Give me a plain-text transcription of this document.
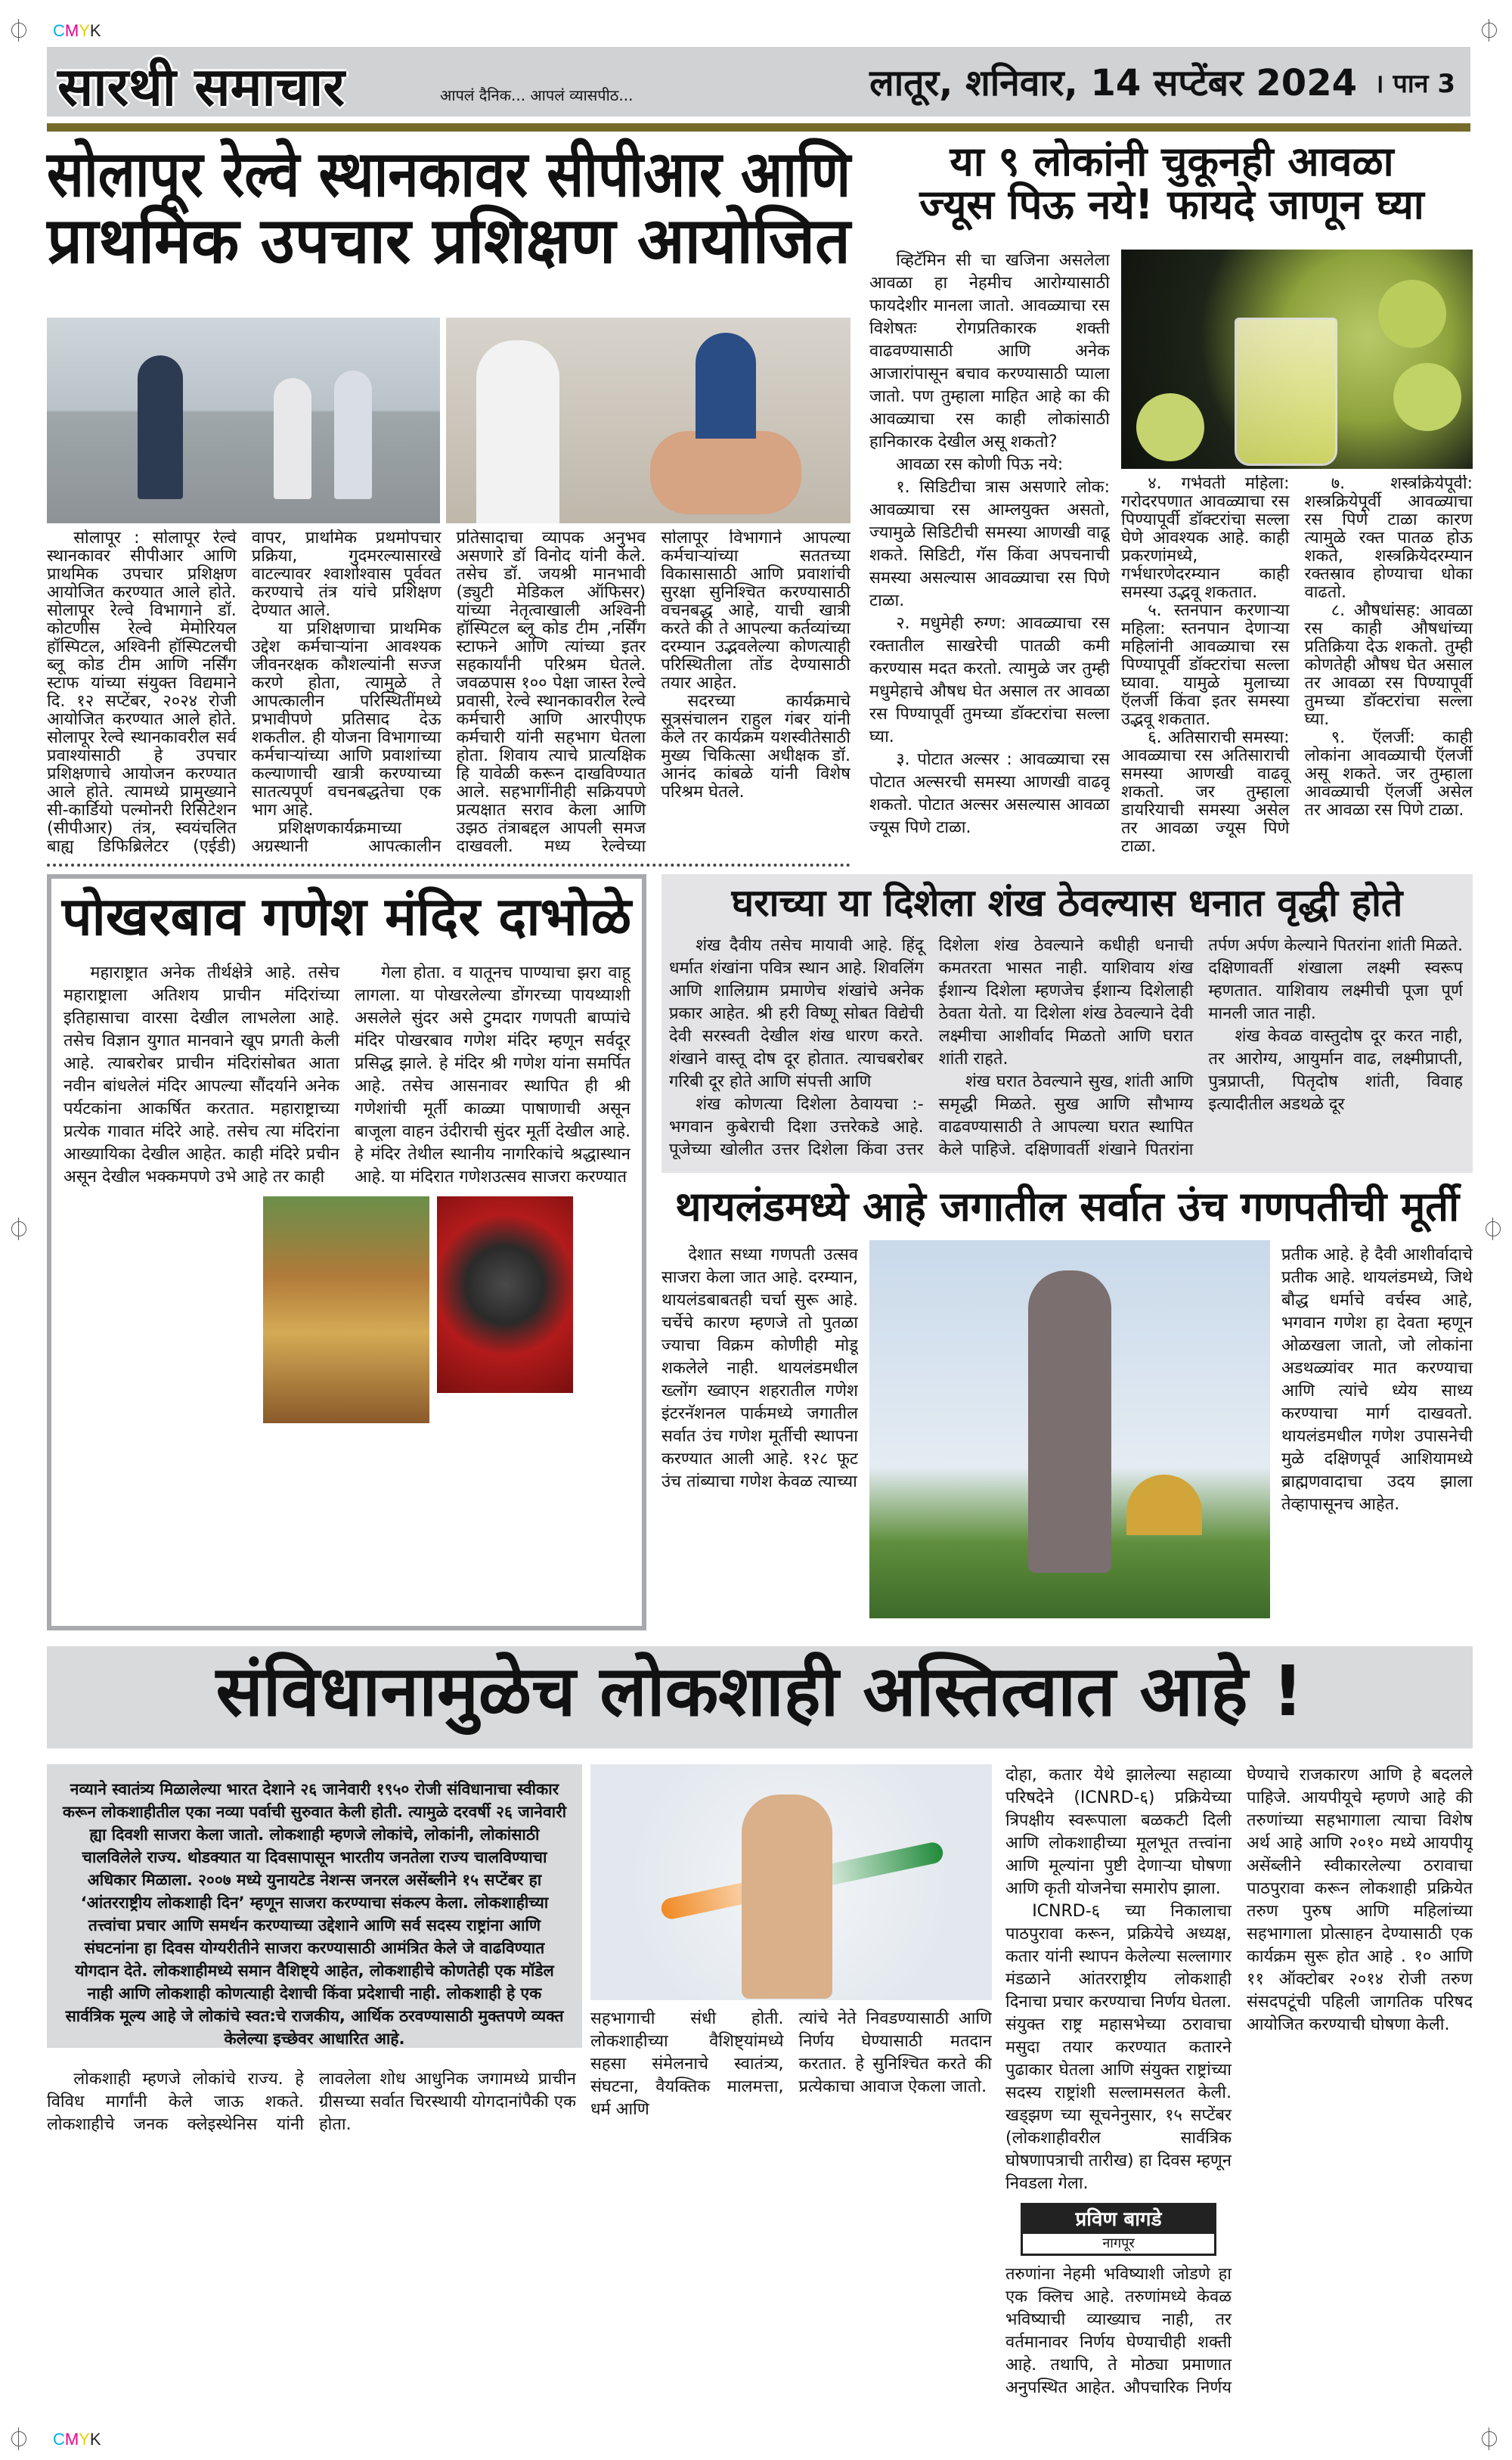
CMYK
CMYK
सारथी समाचार	आपलं दैनिक... आपलं व्यासपीठ...	लातूर, शनिवार, 14 सप्टेंबर 2024 । पान 3
सोलापूर रेल्वे स्थानकावर सीपीआर आणि
प्राथमिक उपचार प्रशिक्षण आयोजित

सोलापूर : सोलापूर रेल्वे स्थानकावर सीपीआर आणि प्राथमिक उपचार प्रशिक्षण आयोजित करण्यात आले होते. सोलापूर रेल्वे विभागाने डॉ. कोटणीस रेल्वे मेमोरियल हॉस्पिटल, अश्विनी हॉस्पिटलची ब्लू कोड टीम आणि नर्सिंग स्टाफ यांच्या संयुक्त विद्यमाने दि. १२ सप्टेंबर, २०२४ रोजी आयोजित करण्यात आले होते. सोलापूर रेल्वे स्थानकावरील सर्व प्रवाश्यांसाठी हे उपचार प्रशिक्षणाचे आयोजन करण्यात आले होते. त्यामध्ये प्रामुख्याने सी-कार्डियो पल्मोनरी रिसिटेशन (सीपीआर) तंत्र, स्वयंचलित बाह्य डिफिब्रिलेटर (एईडी) वापर, प्राथमिक प्रथमोपचार प्रक्रिया, गुदमरल्यासारखे वाटल्यावर श्वाशोश्वास पूर्ववत करण्याचे तंत्र यांचे प्रशिक्षण देण्यात आले.

या प्रशिक्षणाचा प्राथमिक उद्देश कर्मचाऱ्यांना आवश्यक जीवनरक्षक कौशल्यांनी सज्ज करणे होता, त्यामुळे ते आपत्कालीन परिस्थितींमध्ये प्रभावीपणे प्रतिसाद देऊ शकतील. ही योजना विभागाच्या कर्मचाऱ्यांच्या आणि प्रवाशांच्या कल्याणाची खात्री करण्याच्या सातत्यपूर्ण वचनबद्धतेचा एक भाग आहे.

प्रशिक्षणकार्यक्रमाच्या अग्रस्थानी आपत्कालीन प्रतिसादाचा व्यापक अनुभव असणारे डॉ विनोद यांनी केले. तसेच डॉ. जयश्री मानभावी (ड्युटी मेडिकल ऑफिसर) यांच्या नेतृत्वाखाली अश्विनी हॉस्पिटल ब्लू कोड टीम ,नर्सिंग स्टाफने आणि त्यांच्या इतर सहकार्यांनी परिश्रम घेतले. जवळपास १०० पेक्षा जास्त रेल्वे प्रवासी, रेल्वे स्थानकावरील रेल्वे कर्मचारी आणि आरपीएफ कर्मचारी यांनी सहभाग घेतला होता. शिवाय त्याचे प्रात्यक्षिक हि यावेळी करून दाखविण्यात आले. सहभागींनीही सक्रियपणे प्रत्यक्षात सराव केला आणि उझठ तंत्राबद्दल आपली समज दाखवली. मध्य रेल्वेच्या सोलापूर विभागाने आपल्या कर्मचाऱ्यांच्या सततच्या विकासासाठी आणि प्रवाशांची सुरक्षा सुनिश्चित करण्यासाठी वचनबद्ध आहे, याची खात्री करते की ते आपल्या कर्तव्यांच्या दरम्यान उद्भवलेल्या कोणत्याही परिस्थितीला तोंड देण्यासाठी तयार आहेत.

सदरच्या कार्यक्रमाचे सूत्रसंचालन राहुल गंबर यांनी केले तर कार्यक्रम यशस्वीतेसाठी मुख्य चिकित्सा अधीक्षक डॉ. आनंद कांबळे यांनी विशेष परिश्रम घेतले.

या ९ लोकांनी चुकूनही आवळा
ज्यूस पिऊ नये! फायदे जाणून घ्या

व्हिटॅमिन सी चा खजिना असलेला आवळा हा नेहमीच आरोग्यासाठी फायदेशीर मानला जातो. आवळ्याचा रस विशेषतः रोगप्रतिकारक शक्ती वाढवण्यासाठी आणि अनेक आजारांपासून बचाव करण्यासाठी प्याला जातो. पण तुम्हाला माहित आहे का की आवळ्याचा रस काही लोकांसाठी हानिकारक देखील असू शकतो?

आवळा रस कोणी पिऊ नये:

१. सिडिटीचा त्रास असणारे लोक: आवळ्याचा रस आम्लयुक्त असतो, ज्यामुळे सिडिटीची समस्या आणखी वाढू शकते. सिडिटी, गॅस किंवा अपचनाची समस्या असल्यास आवळ्याचा रस पिणे टाळा.

२. मधुमेही रुग्ण: आवळ्याचा रस रक्तातील साखरेची पातळी कमी करण्यास मदत करतो. त्यामुळे जर तुम्ही मधुमेहाचे औषध घेत असाल तर आवळा रस पिण्यापूर्वी तुमच्या डॉक्टरांचा सल्ला घ्या.

३. पोटात अल्सर : आवळ्याचा रस पोटात अल्सरची समस्या आणखी वाढवू शकतो. पोटात अल्सर असल्यास आवळा ज्यूस पिणे टाळा.

४. गर्भवती महिला: गरोदरपणात आवळ्याचा रस पिण्यापूर्वी डॉक्टरांचा सल्ला घेणे आवश्यक आहे. काही प्रकरणांमध्ये, गर्भधारणेदरम्यान काही समस्या उद्भवू शकतात.

५. स्तनपान करणाऱ्या महिला: स्तनपान देणाऱ्या महिलांनी आवळ्याचा रस पिण्यापूर्वी डॉक्टरांचा सल्ला घ्यावा. यामुळे मुलाच्या ऍलर्जी किंवा इतर समस्या उद्भवू शकतात.

६. अतिसाराची समस्या: आवळ्याचा रस अतिसाराची समस्या आणखी वाढवू शकतो. जर तुम्हाला डायरियाची समस्या असेल तर आवळा ज्यूस पिणे टाळा.

७. शस्त्रक्रियेपूर्वी: शस्त्रक्रियेपूर्वी आवळ्याचा रस पिणे टाळा कारण त्यामुळे रक्त पातळ होऊ शकते, शस्त्रक्रियेदरम्यान रक्तस्राव होण्याचा धोका वाढतो.

८. औषधांसह: आवळा रस काही औषधांच्या प्रतिक्रिया देऊ शकतो. तुम्ही कोणतेही औषध घेत असाल तर आवळा रस पिण्यापूर्वी तुमच्या डॉक्टरांचा सल्ला घ्या.

९. ऍलर्जी: काही लोकांना आवळ्याची ऍलर्जी असू शकते. जर तुम्हाला आवळ्याची ऍलर्जी असेल तर आवळा रस पिणे टाळा.

पोखरबाव गणेश मंदिर दाभोळे

महाराष्ट्रात अनेक तीर्थक्षेत्रे आहे. तसेच महाराष्ट्राला अतिशय प्राचीन मंदिरांच्या इतिहासाचा वारसा देखील लाभलेला आहे. तसेच विज्ञान युगात मानवाने खूप प्रगती केली आहे. त्याबरोबर प्राचीन मंदिरांसोबत आता नवीन बांधलेलं मंदिर आपल्या सौंदर्याने अनेक पर्यटकांना आकर्षित करतात. महाराष्ट्राच्या प्रत्येक गावात मंदिरे आहे. तसेच त्या मंदिरांना आख्यायिका देखील आहेत. काही मंदिरे प्रचीन असून देखील भक्कमपणे उभे आहे तर काही

गेला होता. व यातूनच पाण्याचा झरा वाहू लागला. या पोखरलेल्या डोंगरच्या पायथ्याशी असलेले सुंदर असे टुमदार गणपती बाप्पांचे मंदिर पोखरबाव गणेश मंदिर म्हणून सर्वदूर प्रसिद्ध झाले. हे मंदिर श्री गणेश यांना समर्पित आहे. तसेच आसनावर स्थापित ही श्री गणेशांची मूर्ती काळ्या पाषाणाची असून बाजूला वाहन उंदीराची सुंदर मूर्ती देखील आहे. हे मंदिर तेथील स्थानीय नागरिकांचे श्रद्धास्थान आहे. या मंदिरात गणेशउत्सव साजरा करण्यात

घराच्या या दिशेला शंख ठेवल्यास धनात वृद्धी होते

शंख दैवीय तसेच मायावी आहे. हिंदू धर्मात शंखांना पवित्र स्थान आहे. शिवलिंग आणि शालिग्राम प्रमाणेच शंखांचे अनेक प्रकार आहेत. श्री हरी विष्णू सोबत विद्येची देवी सरस्वती देखील शंख धारण करते. शंखाने वास्तू दोष दूर होतात. त्याचबरोबर गरिबी दूर होते आणि संपत्ती आणि

शंख कोणत्या दिशेला ठेवायचा :- भगवान कुबेराची दिशा उत्तरेकडे आहे. पूजेच्या खोलीत उत्तर दिशेला किंवा उत्तर दिशेला शंख ठेवल्याने कधीही धनाची कमतरता भासत नाही. याशिवाय शंख ईशान्य दिशेला म्हणजेच ईशान्य दिशेलाही ठेवता येतो. या दिशेला शंख ठेवल्याने देवी लक्ष्मीचा आशीर्वाद मिळतो आणि घरात शांती राहते.

शंख घरात ठेवल्याने सुख, शांती आणि समृद्धी मिळते. सुख आणि सौभाग्य वाढवण्यासाठी ते आपल्या घरात स्थापित केले पाहिजे. दक्षिणावर्ती शंखाने पितरांना तर्पण अर्पण केल्याने पितरांना शांती मिळते. दक्षिणावर्ती शंखाला लक्ष्मी स्वरूप म्हणतात. याशिवाय लक्ष्मीची पूजा पूर्ण मानली जात नाही.

शंख केवळ वास्तुदोष दूर करत नाही, तर आरोग्य, आयुर्मान वाढ, लक्ष्मीप्राप्ती, पुत्रप्राप्ती, पितृदोष शांती, विवाह इत्यादीतील अडथळे दूर

थायलंडमध्ये आहे जगातील सर्वात उंच गणपतीची मूर्ती

देशात सध्या गणपती उत्सव साजरा केला जात आहे. दरम्यान, थायलंडबाबतही चर्चा सुरू आहे. चर्चेचे कारण म्हणजे तो पुतळा ज्याचा विक्रम कोणीही मोडू शकलेले नाही. थायलंडमधील ख्लोंग ख्वाएन शहरातील गणेश इंटरनॅशनल पार्कमध्ये जगातील सर्वात उंच गणेश मूर्तीची स्थापना करण्यात आली आहे. १२८ फूट उंच तांब्याचा गणेश केवळ त्याच्या

प्रतीक आहे. हे दैवी आशीर्वादाचे प्रतीक आहे. थायलंडमध्ये, जिथे बौद्ध धर्माचे वर्चस्व आहे, भगवान गणेश हा देवता म्हणून ओळखला जातो, जो लोकांना अडथळ्यांवर मात करण्याचा आणि त्यांचे ध्येय साध्य करण्याचा मार्ग दाखवतो. थायलंडमधील गणेश उपासनेची मुळे दक्षिणपूर्व आशियामध्ये ब्राह्मणवादाचा उदय झाला तेव्हापासूनच आहेत.

संविधानामुळेच लोकशाही अस्तित्वात आहे !
नव्याने स्वातंत्र्य मिळालेल्या भारत देशाने २६ जानेवारी १९५० रोजी संविधानाचा स्वीकार करून लोकशाहीतील एका नव्या पर्वाची सुरुवात केली होती. त्यामुळे दरवर्षी २६ जानेवारी ह्या दिवशी साजरा केला जातो. लोकशाही म्हणजे लोकांचे, लोकांनी, लोकांसाठी चालविलेले राज्य. थोडक्यात या दिवसापासून भारतीय जनतेला राज्य चालविण्याचा अधिकार मिळाला. २००७ मध्ये युनायटेड नेशन्स जनरल असेंब्लीने १५ सप्टेंबर हा ‘आंतरराष्ट्रीय लोकशाही दिन’ म्हणून साजरा करण्याचा संकल्प केला. लोकशाहीच्या तत्त्वांचा प्रचार आणि समर्थन करण्याच्या उद्देशाने आणि सर्व सदस्य राष्ट्रांना आणि संघटनांना हा दिवस योग्यरीतीने साजरा करण्यासाठी आमंत्रित केले जे वाढविण्यात योगदान देते. लोकशाहीमध्ये समान वैशिष्ट्ये आहेत, लोकशाहीचे कोणतेही एक मॉडेल नाही आणि लोकशाही कोणत्याही देशाची किंवा प्रदेशाची नाही. लोकशाही हे एक सार्वत्रिक मूल्य आहे जे लोकांचे स्वत:चे राजकीय, आर्थिक ठरवण्यासाठी मुक्तपणे व्यक्त केलेल्या इच्छेवर आधारित आहे.

लोकशाही म्हणजे लोकांचे राज्य. हे विविध मार्गांनी केले जाऊ शकते. लोकशाहीचे जनक क्लेइस्थेनिस यांनी लावलेला शोध आधुनिक जगामध्ये प्राचीन ग्रीसच्या सर्वात चिरस्थायी योगदानांपैकी एक होता.

सहभागाची संधी होती. लोकशाहीच्या वैशिष्ट्यांमध्ये सहसा संमेलनाचे स्वातंत्र्य, संघटना, वैयक्तिक मालमत्ता, धर्म आणि

त्यांचे नेते निवडण्यासाठी आणि निर्णय घेण्यासाठी मतदान करतात. हे सुनिश्चित करते की प्रत्येकाचा आवाज ऐकला जातो.

दोहा, कतार येथे झालेल्या सहाव्या परिषदेने (ICNRD-६) प्रक्रियेच्या त्रिपक्षीय स्वरूपाला बळकटी दिली आणि लोकशाहीच्या मूलभूत तत्त्वांना आणि मूल्यांना पुष्टी देणाऱ्या घोषणा आणि कृती योजनेचा समारोप झाला.

ICNRD-६ च्या निकालाचा पाठपुरावा करून, प्रक्रियेचे अध्यक्ष, कतार यांनी स्थापन केलेल्या सल्लागार मंडळाने आंतरराष्ट्रीय लोकशाही दिनाचा प्रचार करण्याचा निर्णय घेतला. संयुक्त राष्ट्र महासभेच्या ठरावाचा मसुदा तयार करण्यात कतारने पुढाकार घेतला आणि संयुक्त राष्ट्रांच्या सदस्य राष्ट्रांशी सल्लामसलत केली. खड्झण च्या सूचनेनुसार, १५ सप्टेंबर (लोकशाहीवरील सार्वत्रिक घोषणापत्राची तारीख) हा दिवस म्हणून निवडला गेला.

प्रविण बागडे
नागपूर

तरुणांना नेहमी भविष्याशी जोडणे हा एक क्लिच आहे. तरुणांमध्ये केवळ भविष्याची व्याख्याच नाही, तर वर्तमानावर निर्णय घेण्याचीही शक्ती आहे. तथापि, ते मोठ्या प्रमाणात अनुपस्थित आहेत. औपचारिक निर्णय घेण्याचे राजकारण आणि हे बदलले पाहिजे. आयपीयूचे म्हणणे आहे की तरुणांच्या सहभागाला त्याचा विशेष अर्थ आहे आणि २०१० मध्ये आयपीयू असेंब्लीने स्वीकारलेल्या ठरावाचा पाठपुरावा करून लोकशाही प्रक्रियेत तरुण पुरुष आणि महिलांच्या सहभागाला प्रोत्साहन देण्यासाठी एक कार्यक्रम सुरू होत आहे . १० आणि ११ ऑक्टोबर २०१४ रोजी तरुण संसदपटूंची पहिली जागतिक परिषद आयोजित करण्याची घोषणा केली.
